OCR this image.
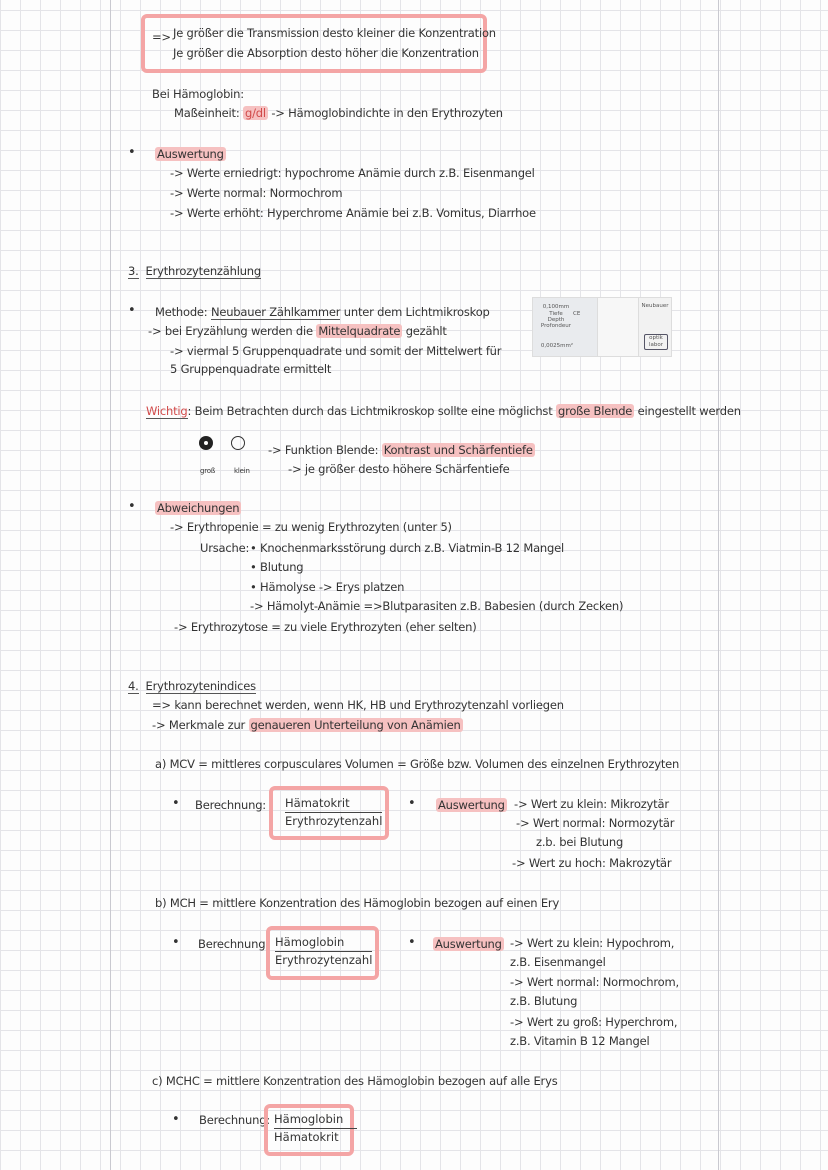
=> Je größer die Transmission desto kleiner die Konzentration
Je größer die Absorption desto höher die Konzentration
Bei Hämoglobin:
Maßeinheit: g/dl -> Hämoglobindichte in den Erythrozyten
• Auswertung
-> Werte erniedrigt: hypochrome Anämie durch z.B. Eisenmangel
-> Werte normal: Normochrom
-> Werte erhöht: Hyperchrome Anämie bei z.B. Vomitus, Diarrhoe
3. Erythrozytenzählung
• Methode: Neubauer Zählkammer unter dem Lichtmikroskop
-> bei Eryzählung werden die Mittelquadrate gezählt
-> viermal 5 Gruppenquadrate und somit der Mittelwert für
5 Gruppenquadrate ermittelt
0,100mm
Tiefe	CE
Depth
Profondeur
0,0025mm²
Neubauer
optik
labor
Wichtig: Beim Betrachten durch das Lichtmikroskop sollte eine möglichst große Blende eingestellt werden
groß	klein
-> Funktion Blende: Kontrast und Schärfentiefe
-> je größer desto höhere Schärfentiefe
• Abweichungen
-> Erythropenie = zu wenig Erythrozyten (unter 5)
Ursache: • Knochenmarksstörung durch z.B. Viatmin-B 12 Mangel
• Blutung
• Hämolyse -> Erys platzen
-> Hämolyt-Anämie =>Blutparasiten z.B. Babesien (durch Zecken)
-> Erythrozytose = zu viele Erythrozyten (eher selten)
4. Erythrozytenindices
=> kann berechnet werden, wenn HK, HB und Erythrozytenzahl vorliegen
-> Merkmale zur genaueren Unterteilung von Anämien
a) MCV = mittleres corpusculares Volumen = Größe bzw. Volumen des einzelnen Erythrozyten
• Berechnung: Hämatokrit
Erythrozytenzahl
• Auswertung -> Wert zu klein: Mikrozytär
-> Wert normal: Normozytär
z.b. bei Blutung
-> Wert zu hoch: Makrozytär
b) MCH = mittlere Konzentration des Hämoglobin bezogen auf einen Ery
• Berechnung: Hämoglobin
Erythrozytenzahl
• Auswertung -> Wert zu klein: Hypochrom,
z.B. Eisenmangel
-> Wert normal: Normochrom,
z.B. Blutung
-> Wert zu groß: Hyperchrom,
z.B. Vitamin B 12 Mangel
c) MCHC = mittlere Konzentration des Hämoglobin bezogen auf alle Erys
• Berechnung: Hämoglobin
Hämatokrit
